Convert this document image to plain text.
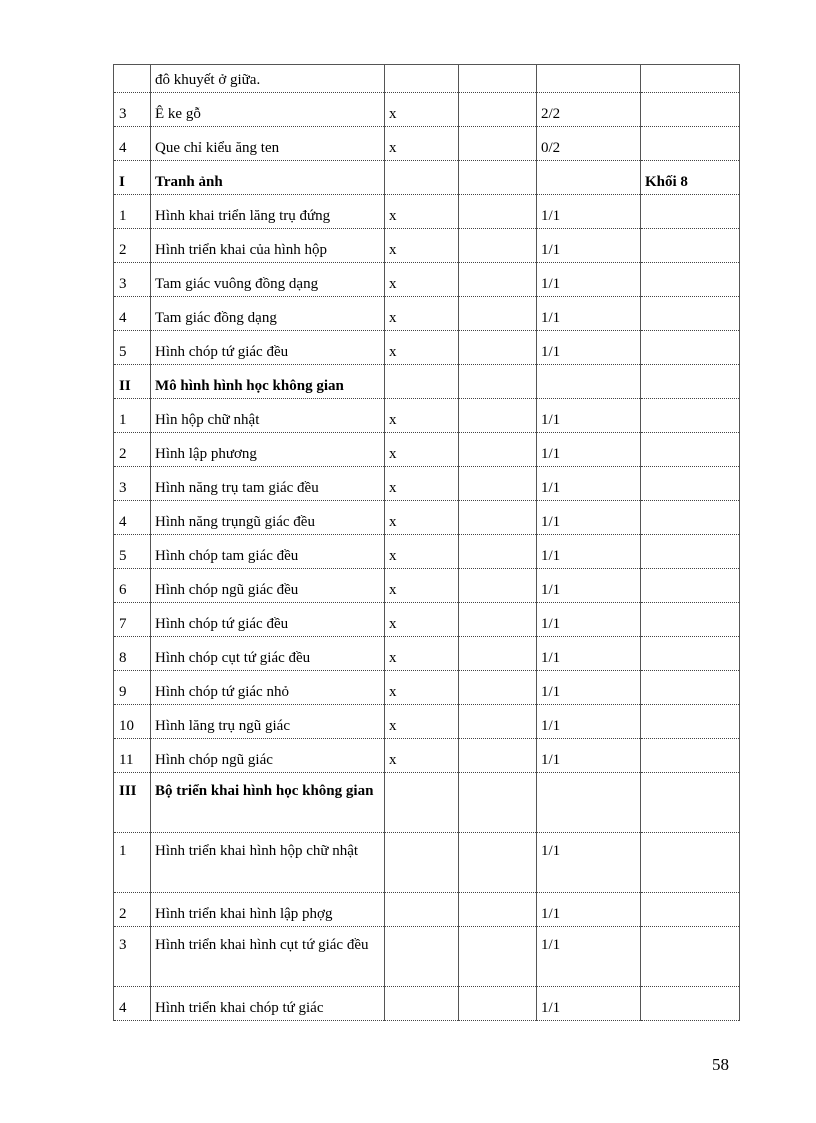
	đô khuyết ở giữa.				
3	Ê ke gỗ	x		2/2	
4	Que chỉ kiểu ăng ten	x		0/2	
I	Tranh ảnh				Khối 8
1	Hình khai triển lăng trụ đứng	x		1/1	
2	Hình triển khai của hình hộp	x		1/1	
3	Tam giác vuông đồng dạng	x		1/1	
4	Tam giác đồng dạng	x		1/1	
5	Hình chóp tứ giác đều	x		1/1	
II	Mô hình hình học không gian				
1	Hìn hộp chữ nhật	x		1/1	
2	Hình lập phương	x		1/1	
3	Hình năng trụ tam giác đều	x		1/1	
4	Hình năng trụngũ giác đều	x		1/1	
5	Hình chóp tam giác đều	x		1/1	
6	Hình chóp ngũ giác đều	x		1/1	
7	Hình chóp tứ giác đều	x		1/1	
8	Hình chóp cụt tứ giác đều	x		1/1	
9	Hình chóp tứ giác nhỏ	x		1/1	
10	Hình lăng trụ ngũ giác	x		1/1	
11	Hình chóp ngũ giác	x		1/1	
III	Bộ triển khai hình học không gian				
1	Hình triển khai hình hộp chữ nhật			1/1	
2	Hình triển khai hình lập phợg			1/1	
3	Hình triển khai hình cụt tứ giác đều			1/1	
4	Hình triển khai chóp tứ giác			1/1	
58
